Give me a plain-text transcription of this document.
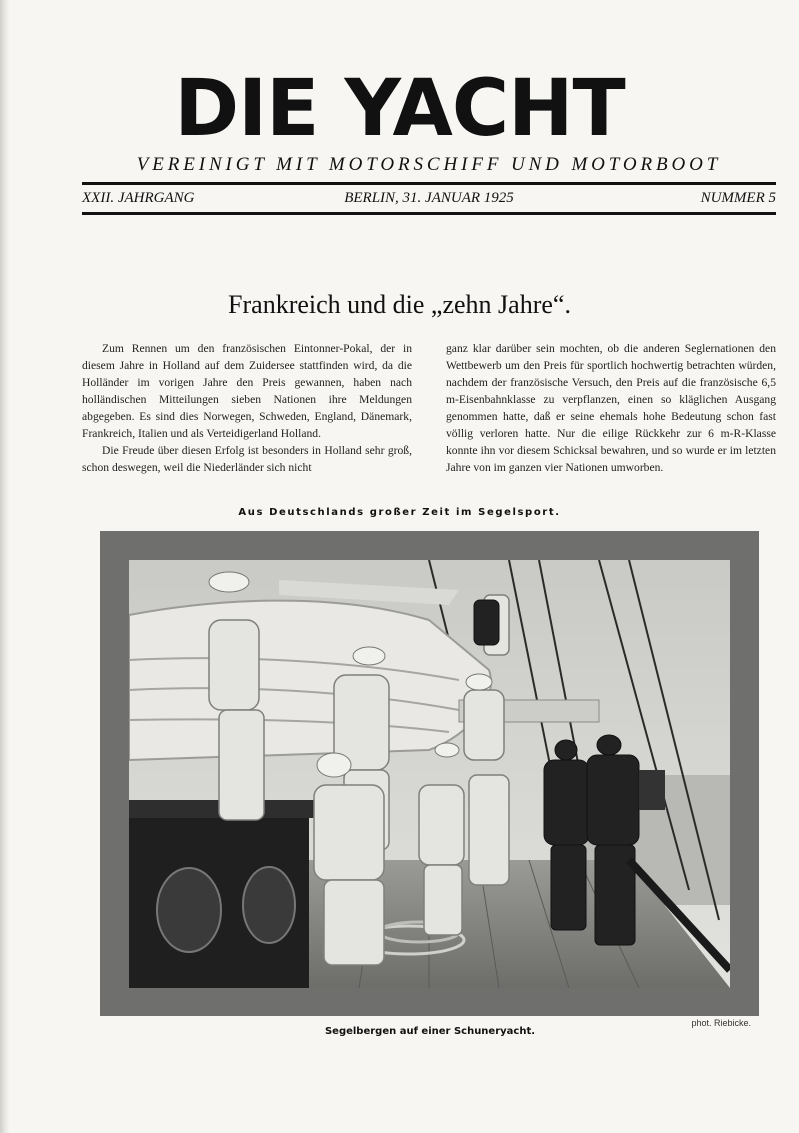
DIE YACHT
VEREINIGT MIT MOTORSCHIFF UND MOTORBOOT
XXII. JAHRGANG	BERLIN, 31. JANUAR 1925	NUMMER 5
Frankreich und die „zehn Jahre“.

Zum Rennen um den französischen Eintonner-Pokal, der in diesem Jahre in Holland auf dem Zuidersee stattfinden wird, da die Holländer im vorigen Jahre den Preis gewannen, haben nach holländischen Mitteilungen sieben Nationen ihre Meldungen abgegeben. Es sind dies Norwegen, Schweden, England, Dänemark, Frankreich, Italien und als Verteidigerland Holland.

Die Freude über diesen Erfolg ist besonders in Holland sehr groß, schon deswegen, weil die Niederländer sich nicht

ganz klar darüber sein mochten, ob die anderen Seglernationen den Wettbewerb um den Preis für sportlich hochwertig betrachten würden, nachdem der französische Versuch, den Preis auf die französische 6,5 m-Eisenbahnklasse zu verpflanzen, einen so kläglichen Ausgang genommen hatte, daß er seine ehemals hohe Bedeutung schon fast völlig verloren hatte. Nur die eilige Rückkehr zur 6 m-R-Klasse konnte ihn vor diesem Schicksal bewahren, und so wurde er im letzten Jahre von im ganzen vier Nationen umworben.

Aus Deutschlands großer Zeit im Segelsport.
phot. Riebicke.
Segelbergen auf einer Schuneryacht.
